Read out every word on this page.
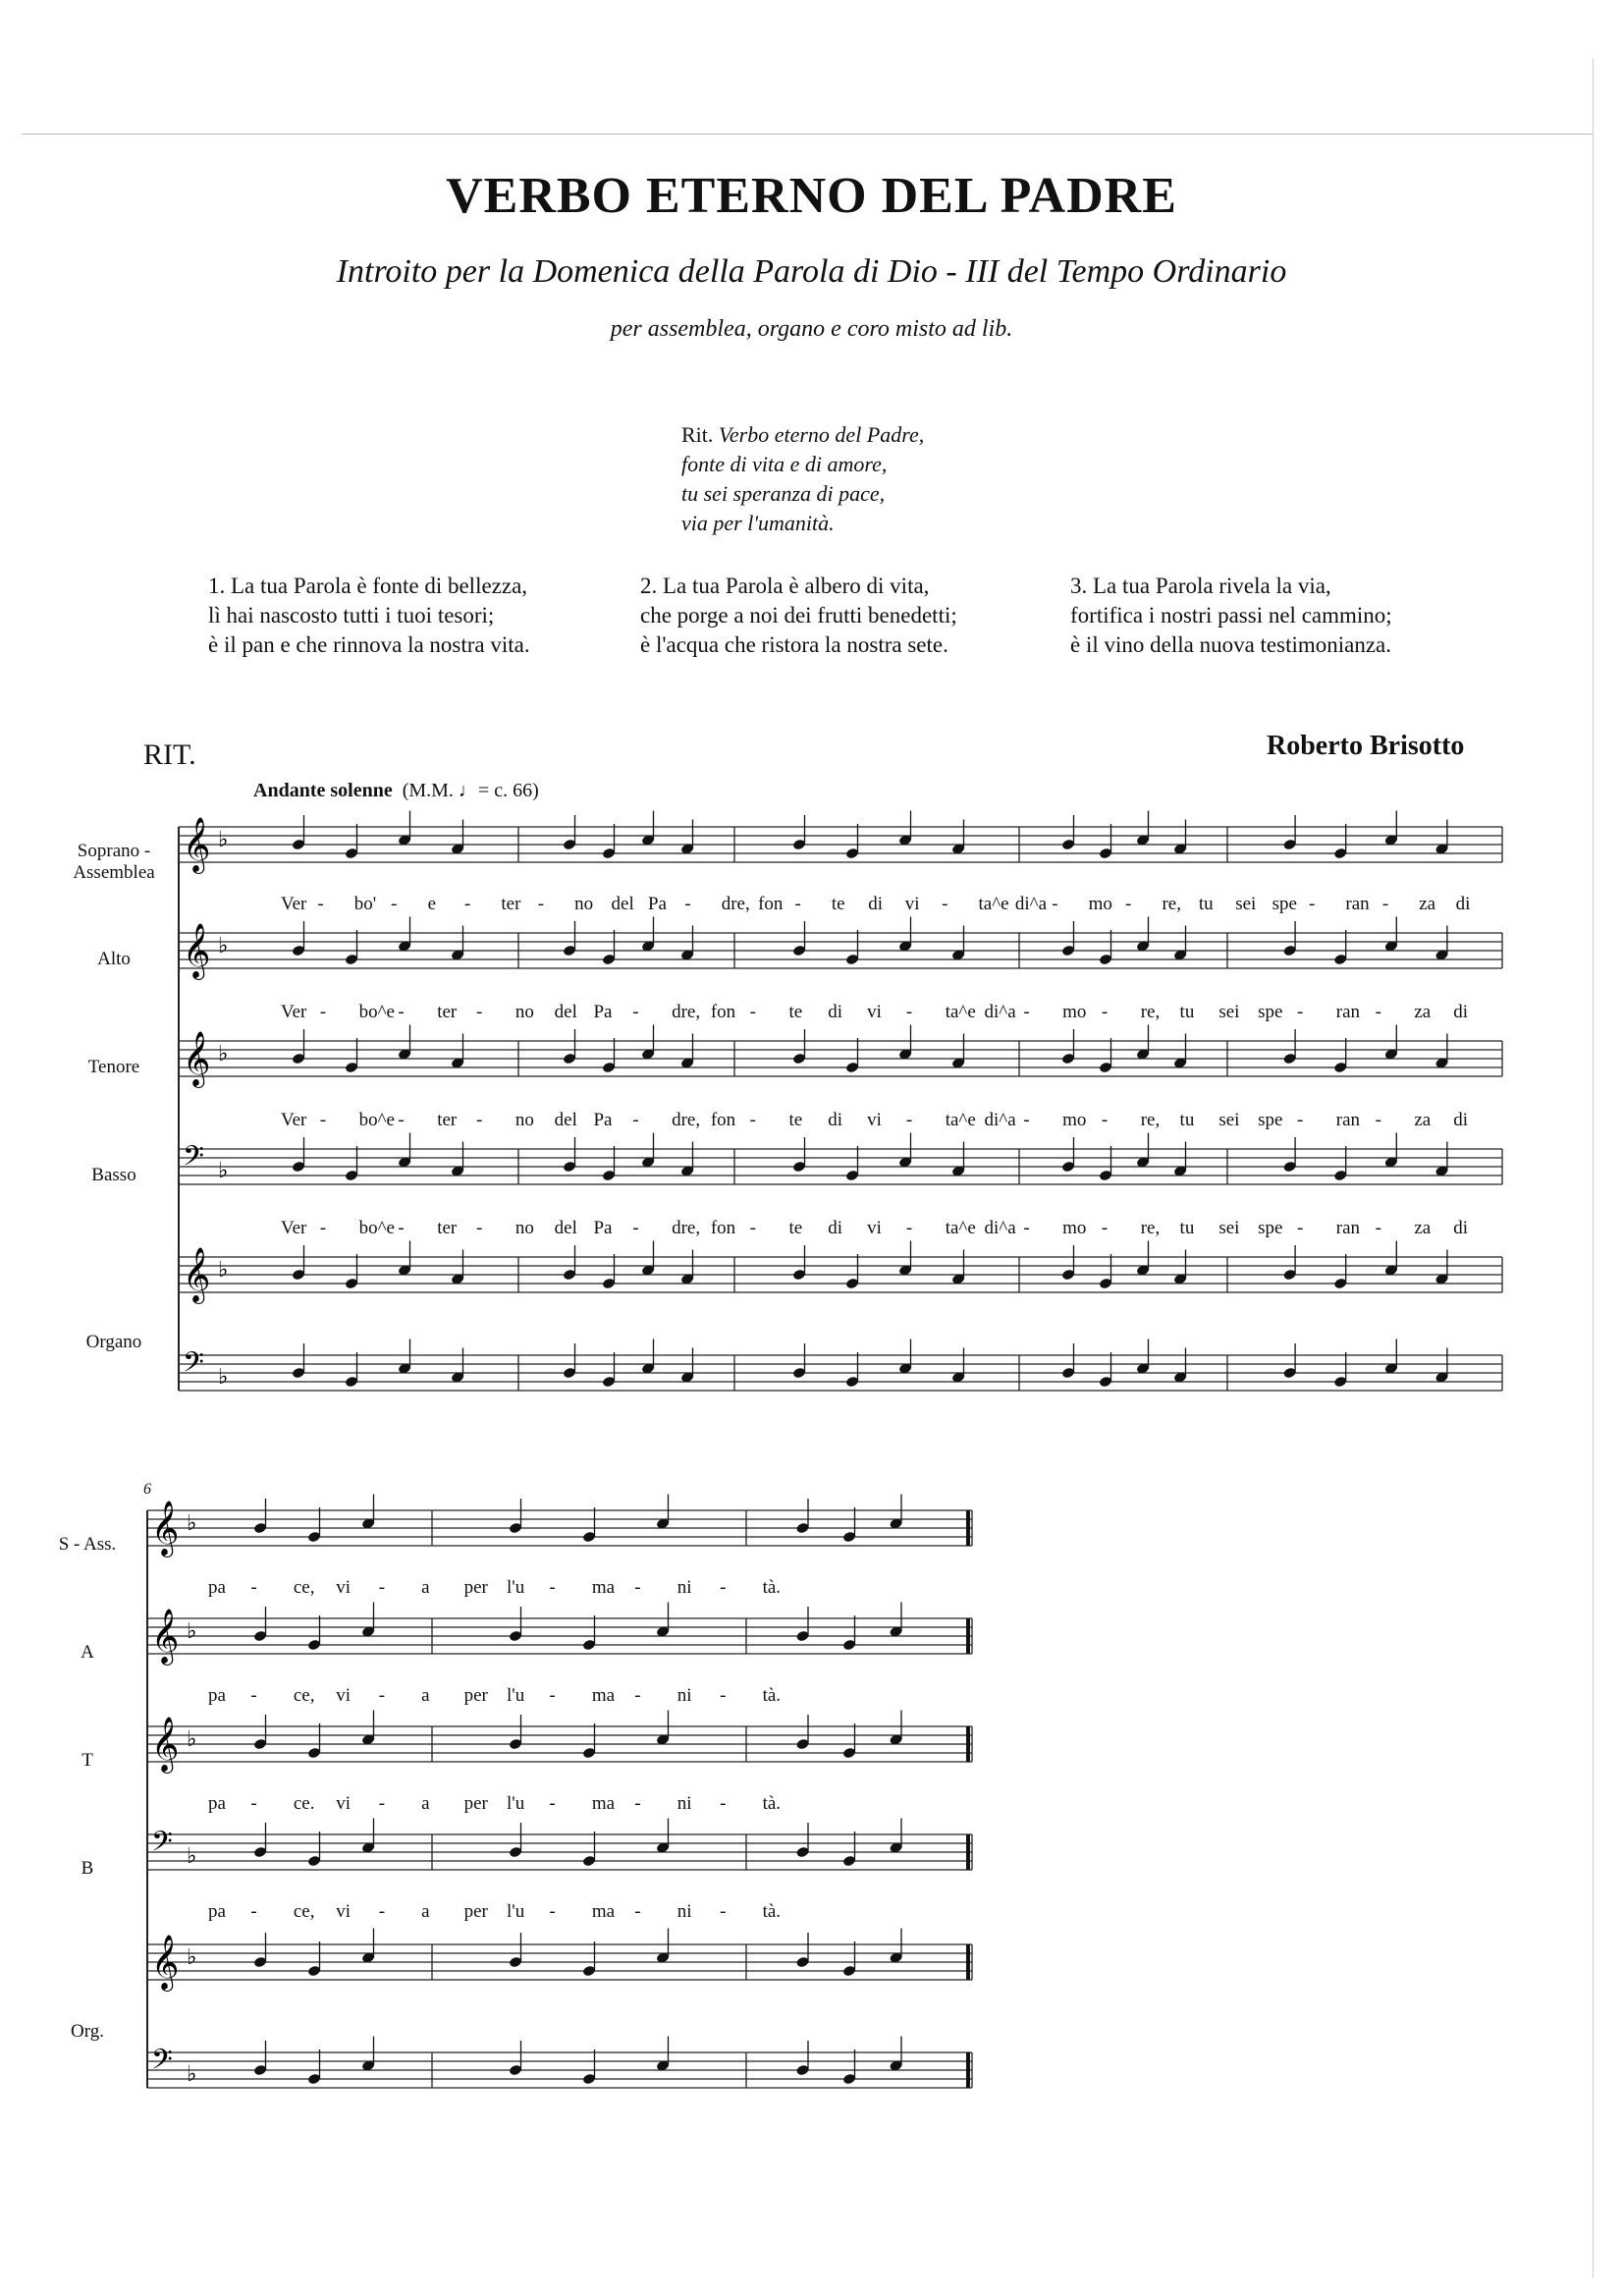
VERBO ETERNO DEL PADRE
Introito per la Domenica della Parola di Dio - III del Tempo Ordinario
per assemblea, organo e coro misto ad lib.
Rit. Verbo eterno del Padre,
fonte di vita e di amore,
tu sei speranza di pace,
via per l'umanità.
1. La tua Parola è fonte di bellezza,
lì hai nascosto tutti i tuoi tesori;
è il pan e che rinnova la nostra vita.
2. La tua Parola è albero di vita,
che porge a noi dei frutti benedetti;
è l'acqua che ristora la nostra sete.
3. La tua Parola rivela la via,
fortifica i nostri passi nel cammino;
è il vino della nuova testimonianza.
RIT.	Roberto Brisotto
Andante solenne (M.M. ♩= c. 66)
𝄞 ♭
𝄞 ♭
𝄞 ♭
𝄢 ♭
𝄞 ♭
𝄢 ♭
𝄞 ♭
𝄞 ♭
𝄞 ♭
𝄢 ♭
𝄞 ♭
𝄢 ♭
Soprano - Assemblea
Alto
Tenore
Basso
Organo
S - Ass.
A
T
B
Org.
6
Ver - bo' - e - ter - no del Pa - dre, fon - te di vi - ta^e di^a - mo - re, tu sei spe - ran - za di
Ver - bo^e - ter - no del Pa - dre, fon - te di vi - ta^e di^a - mo - re, tu sei spe - ran - za di
Ver - bo^e - ter - no del Pa - dre, fon - te di vi - ta^e di^a - mo - re, tu sei spe - ran - za di
Ver - bo^e - ter - no del Pa - dre, fon - te di vi - ta^e di^a - mo - re, tu sei spe - ran - za di
pa - ce, vi - a per l'u - ma - ni - tà.
pa - ce, vi - a per l'u - ma - ni - tà.
pa - ce. vi - a per l'u - ma - ni - tà.
pa - ce, vi - a per l'u - ma - ni - tà.
